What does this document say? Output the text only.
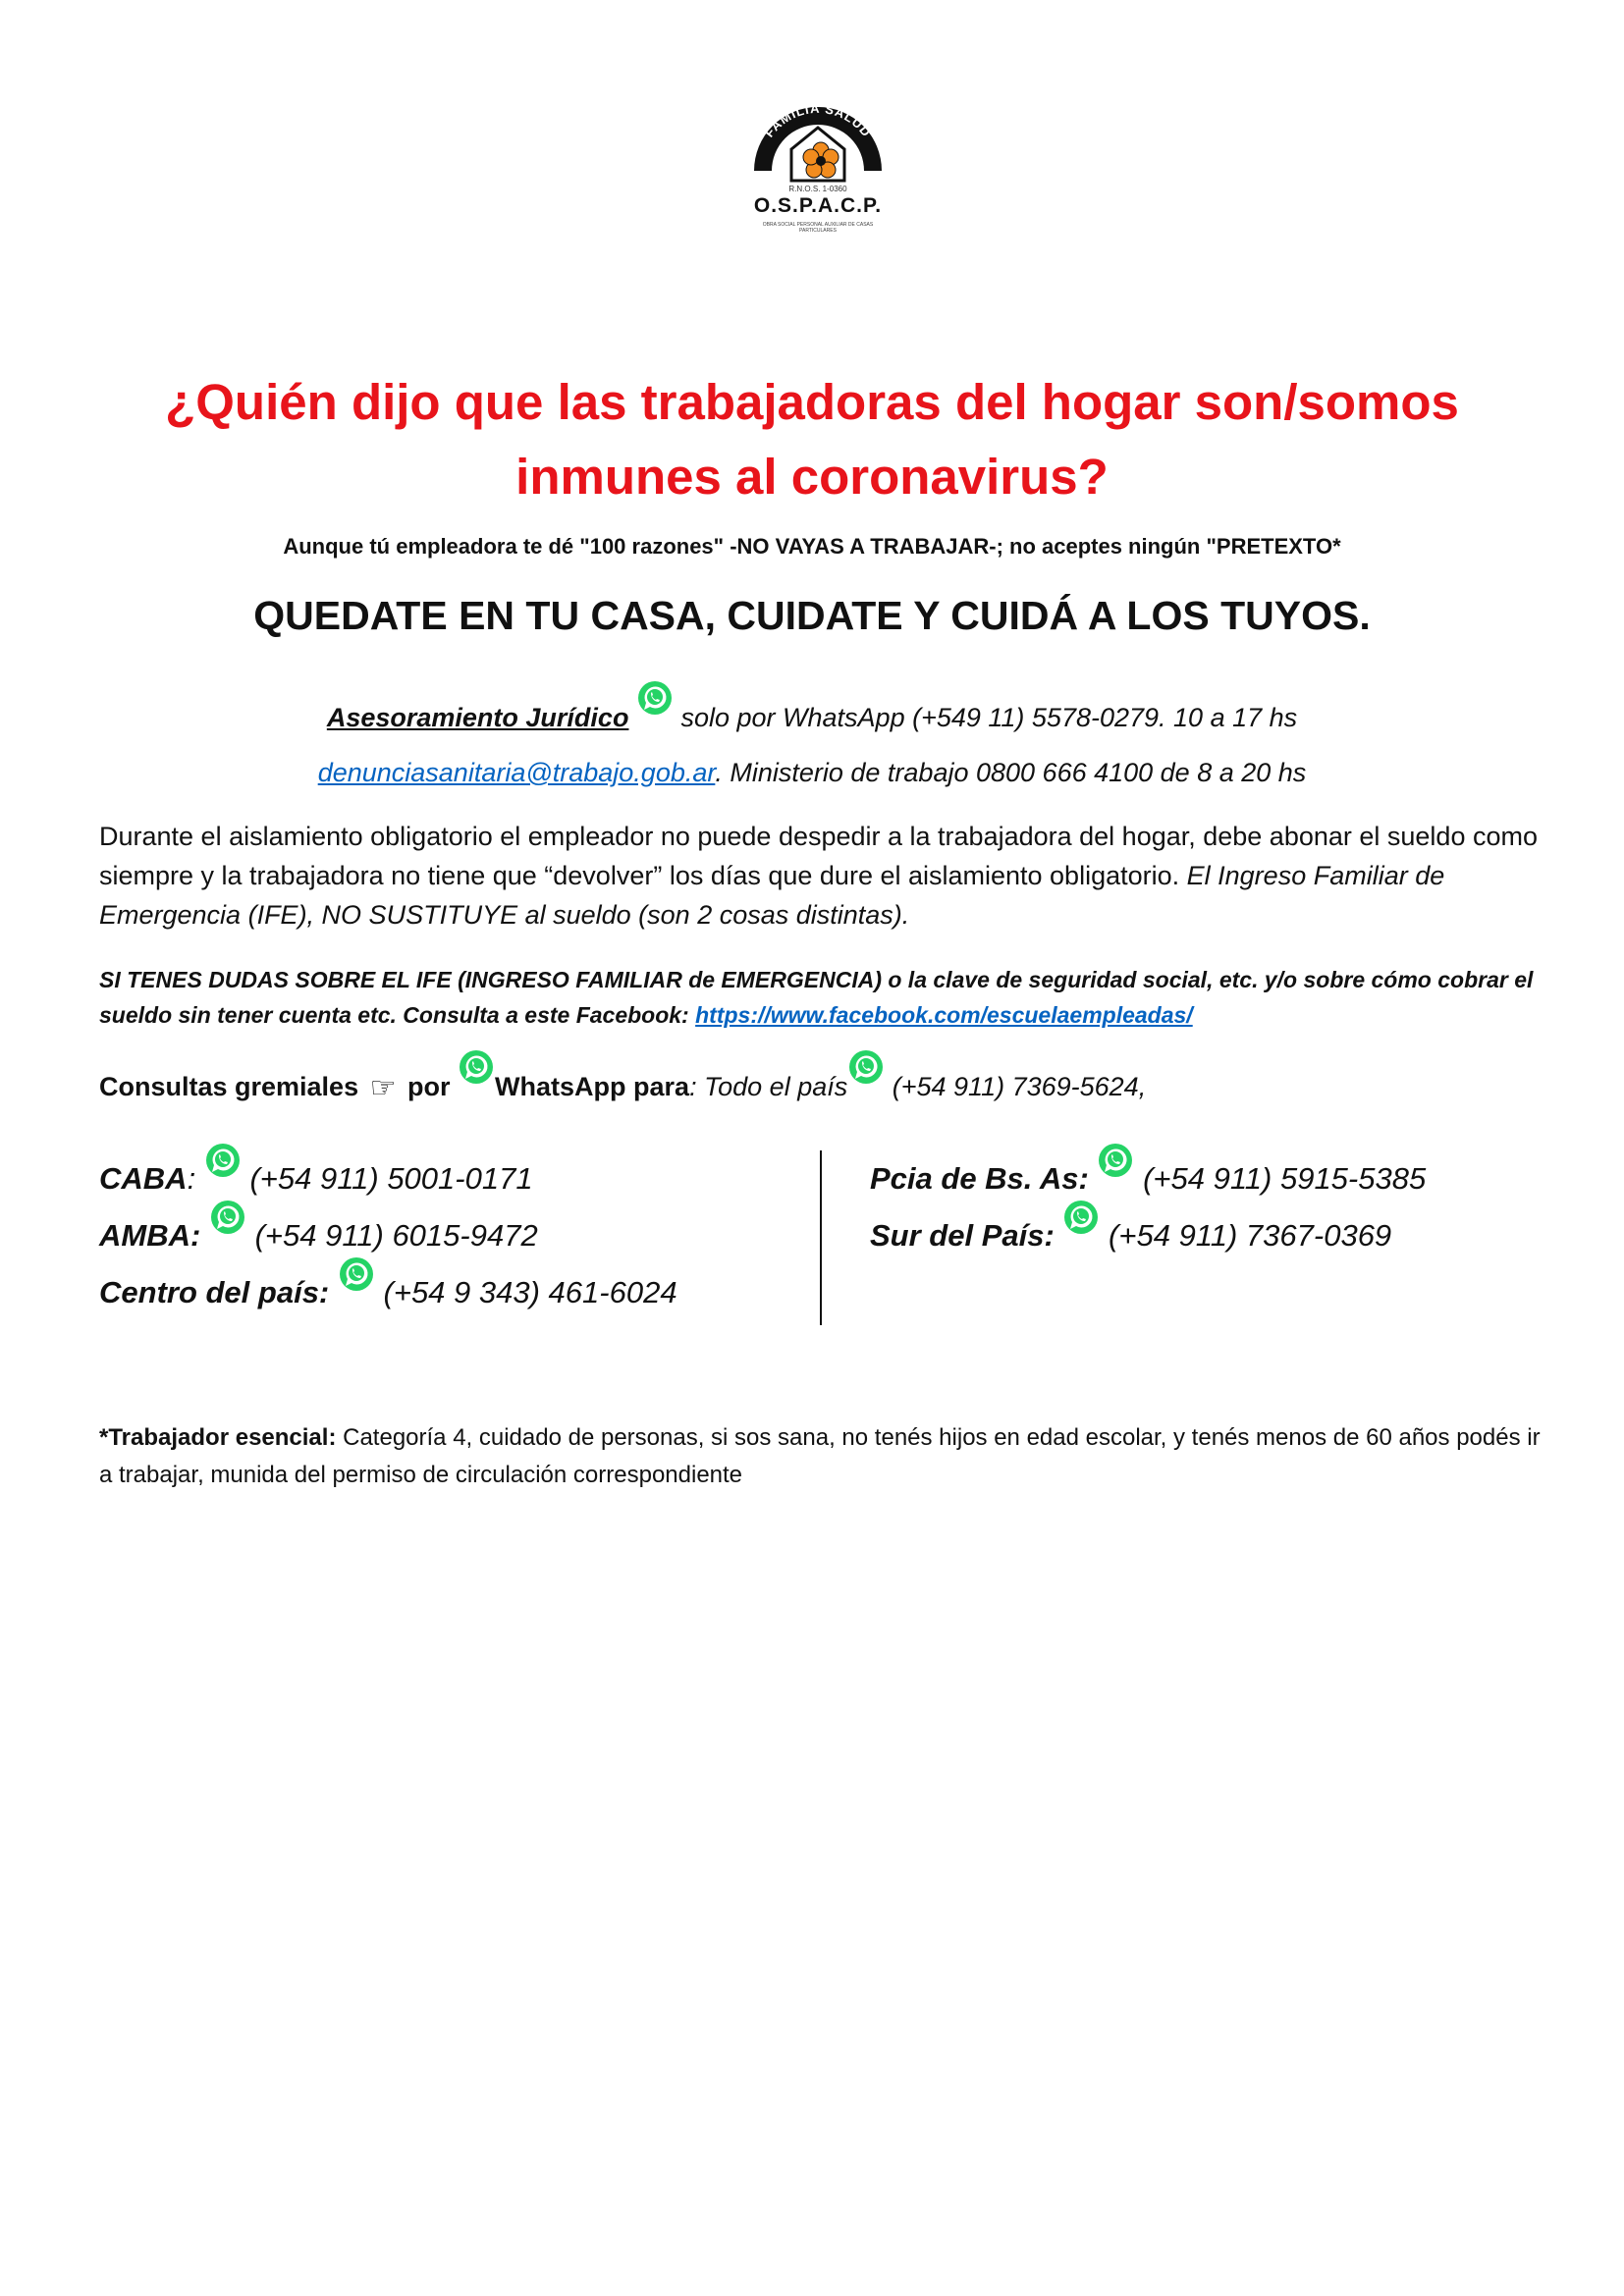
FAMILIA SALUD
R.N.O.S. 1-0360
O.S.P.A.C.P.
OBRA SOCIAL PERSONAL AUXILIAR DE CASAS PARTICULARES
¿Quién dijo que las trabajadoras del hogar son/somos
inmunes al coronavirus?
Aunque tú empleadora te dé "100 razones" -NO VAYAS A TRABAJAR-; no aceptes ningún "PRETEXTO*
QUEDATE EN TU CASA, CUIDATE Y CUIDÁ A LOS TUYOS.
Asesoramiento Jurídico solo por WhatsApp (+549 11) 5578-0279. 10 a 17 hs
denunciasanitaria@trabajo.gob.ar. Ministerio de trabajo 0800 666 4100 de 8 a 20 hs
Durante el aislamiento obligatorio el empleador no puede despedir a la trabajadora del hogar, debe abonar el sueldo como siempre y la trabajadora no tiene que “devolver” los días que dure el aislamiento obligatorio. El Ingreso Familiar de Emergencia (IFE), NO SUSTITUYE al sueldo (son 2 cosas distintas).
SI TENES DUDAS SOBRE EL IFE (INGRESO FAMILIAR de EMERGENCIA) o la clave de seguridad social, etc. y/o sobre cómo cobrar el sueldo sin tener cuenta etc. Consulta a este Facebook: https://www.facebook.com/escuelaempleadas/
Consultas gremiales ☞ por WhatsApp para: Todo el país (+54 911) 7369-5624,
CABA: (+54 911) 5001-0171
AMBA: (+54 911) 6015-9472
Centro del país: (+54 9 343) 461-6024
Pcia de Bs. As: (+54 911) 5915-5385
Sur del País: (+54 911) 7367-0369
*Trabajador esencial: Categoría 4, cuidado de personas, si sos sana, no tenés hijos en edad escolar, y tenés menos de 60 años podés ir a trabajar, munida del permiso de circulación correspondiente
